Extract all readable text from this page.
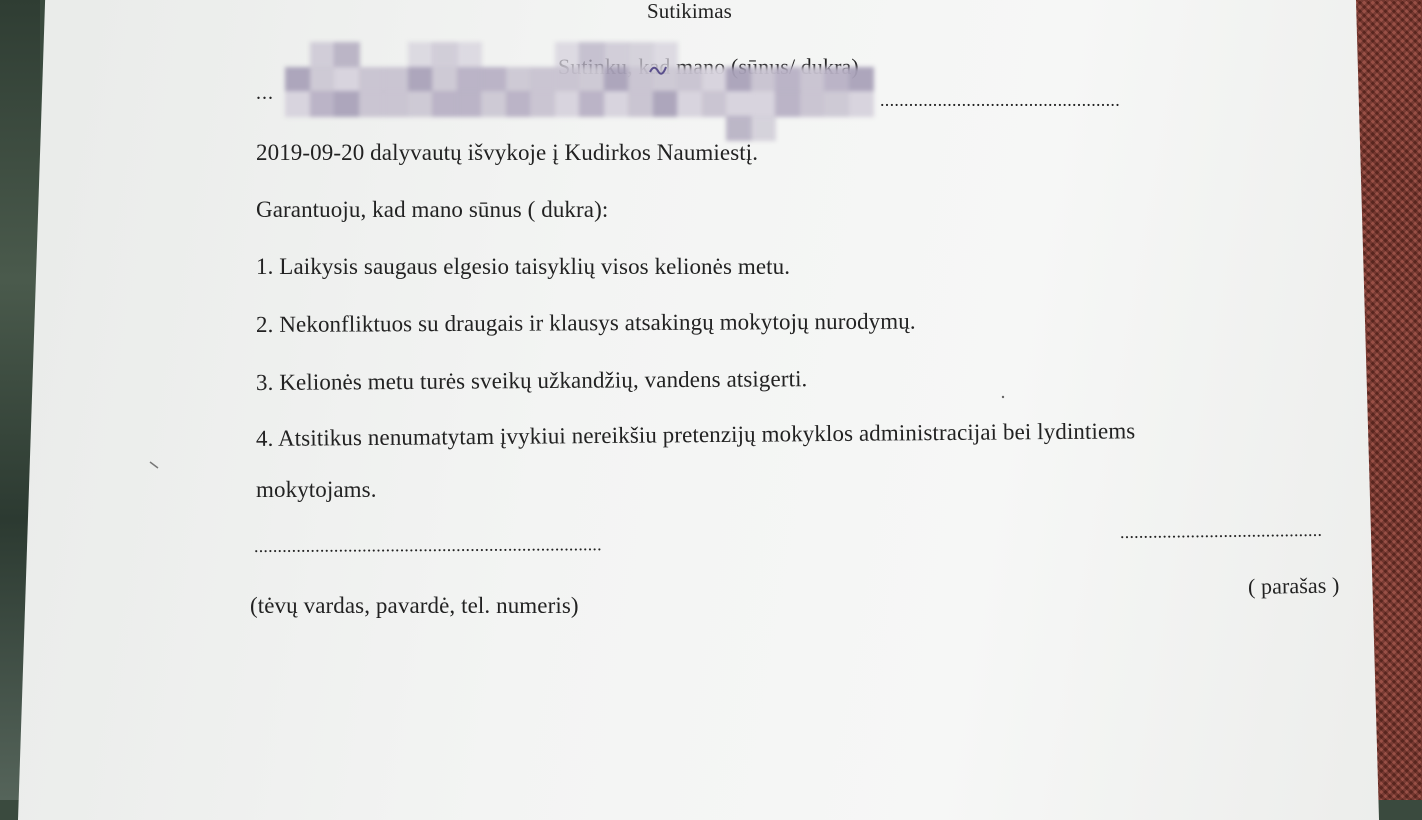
Sutikimas
...	..................................................
2019-09-20 dalyvautų išvykoje į Kudirkos Naumiestį.
Garantuoju, kad mano sūnus ( dukra):
1. Laikysis saugaus elgesio taisyklių visos kelionės metu.
2. Nekonfliktuos su draugais ir klausys atsakingų mokytojų nurodymų.
3. Kelionės metu turės sveikų užkandžių, vandens atsigerti.
4. Atsitikus nenumatytam įvykiui nereikšiu pretenzijų mokyklos administracijai bei lydintiems
mokytojams.
..........................................................................
...........................................
(tėvų vardas, pavardė, tel. numeris)
( parašas )
